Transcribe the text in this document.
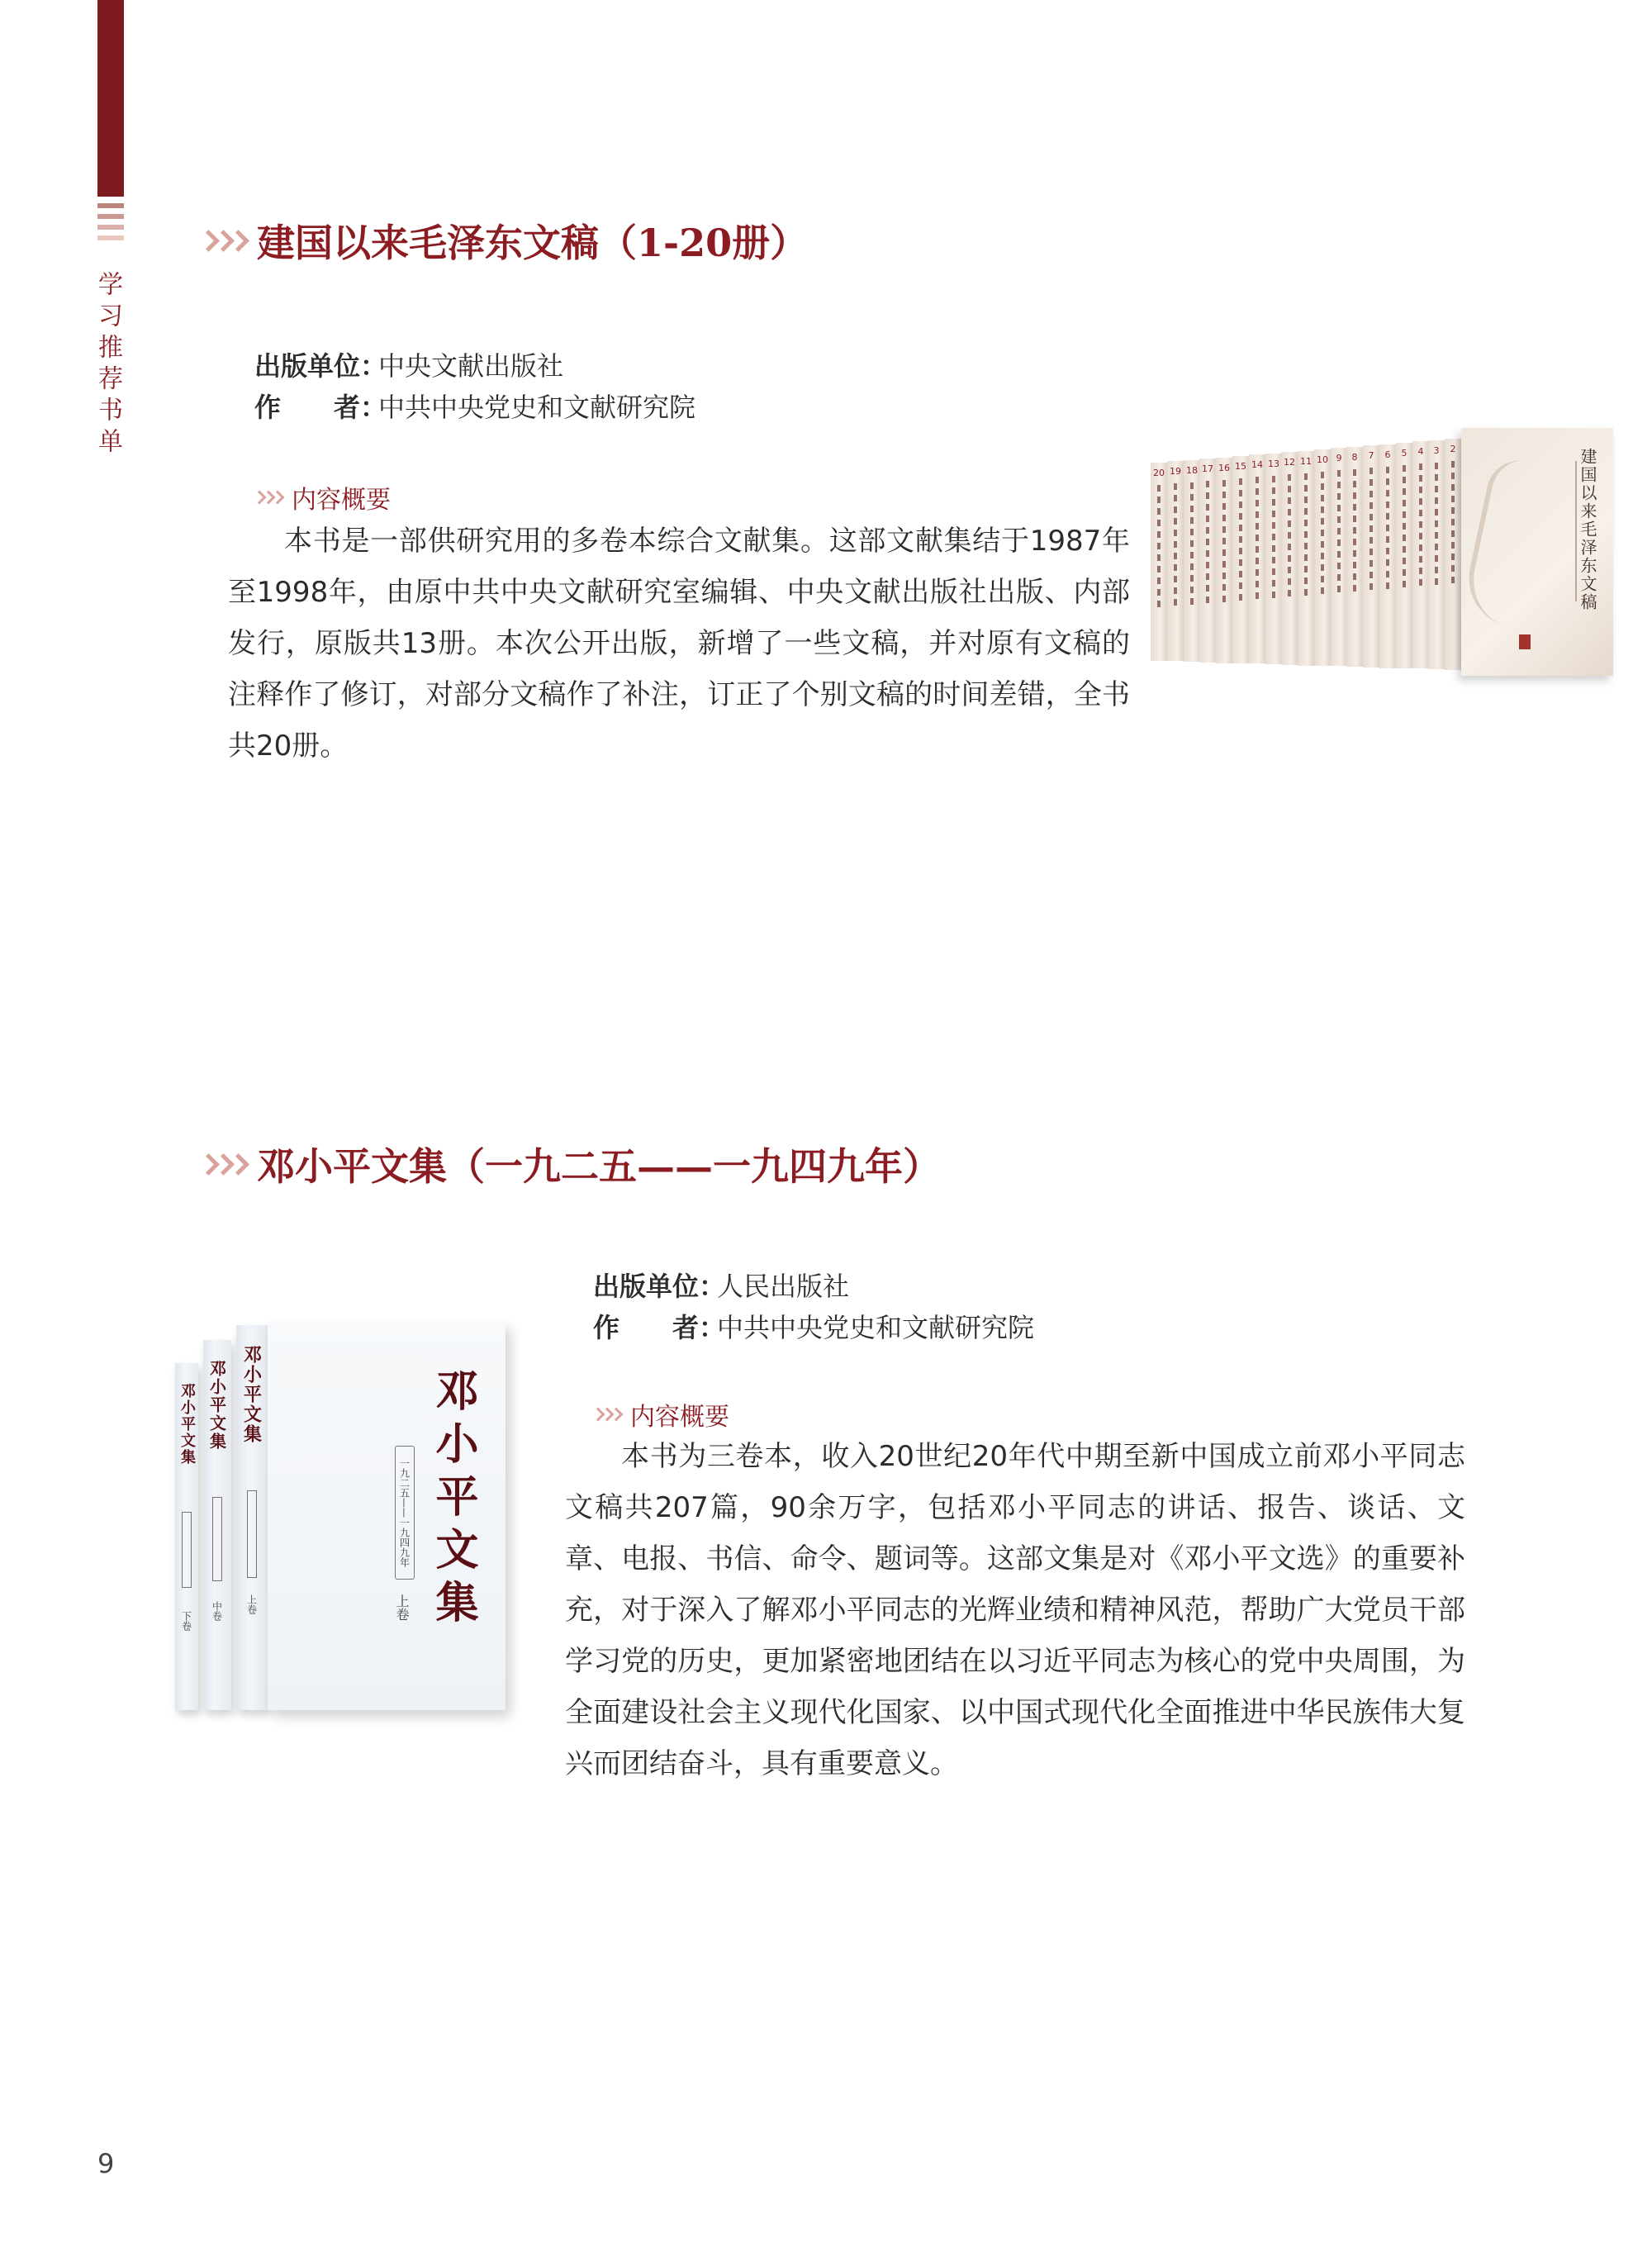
学习推荐书单
建国以来毛泽东文稿（1-20册）
出版单位：
中央文献出版社
作　　者：
中共中央党史和文献研究院
内容概要

本书是一部供研究用的多卷本综合文献集。这部文献集结于1987年至1998年，由原中共中央文献研究室编辑、中央文献出版社出版、内部发行，原版共13册。本次公开出版，新增了一些文稿，并对原有文稿的注释作了修订，对部分文稿作了补注，订正了个别文稿的时间差错，全书共20册。

20 19 18 17 16 15 14 13 12 11 10 9	8	7	6	5	4	3	2	建国以来毛泽东文稿
邓小平文集（一九二五——一九四九年）
出版单位：
人民出版社
作　　者：
中共中央党史和文献研究院
内容概要

本书为三卷本，收入20世纪20年代中期至新中国成立前邓小平同志文稿共207篇，90余万字，包括邓小平同志的讲话、报告、谈话、文章、电报、书信、命令、题词等。这部文集是对《邓小平文选》的重要补充，对于深入了解邓小平同志的光辉业绩和精神风范，帮助广大党员干部学习党的历史，更加紧密地团结在以习近平同志为核心的党中央周围，为全面建设社会主义现代化国家、以中国式现代化全面推进中华民族伟大复兴而团结奋斗，具有重要意义。

邓小平文集
下卷
邓小平文集
中卷
邓小平文集
上卷	邓小平文集
一九二五——一九四九年
上卷
9
